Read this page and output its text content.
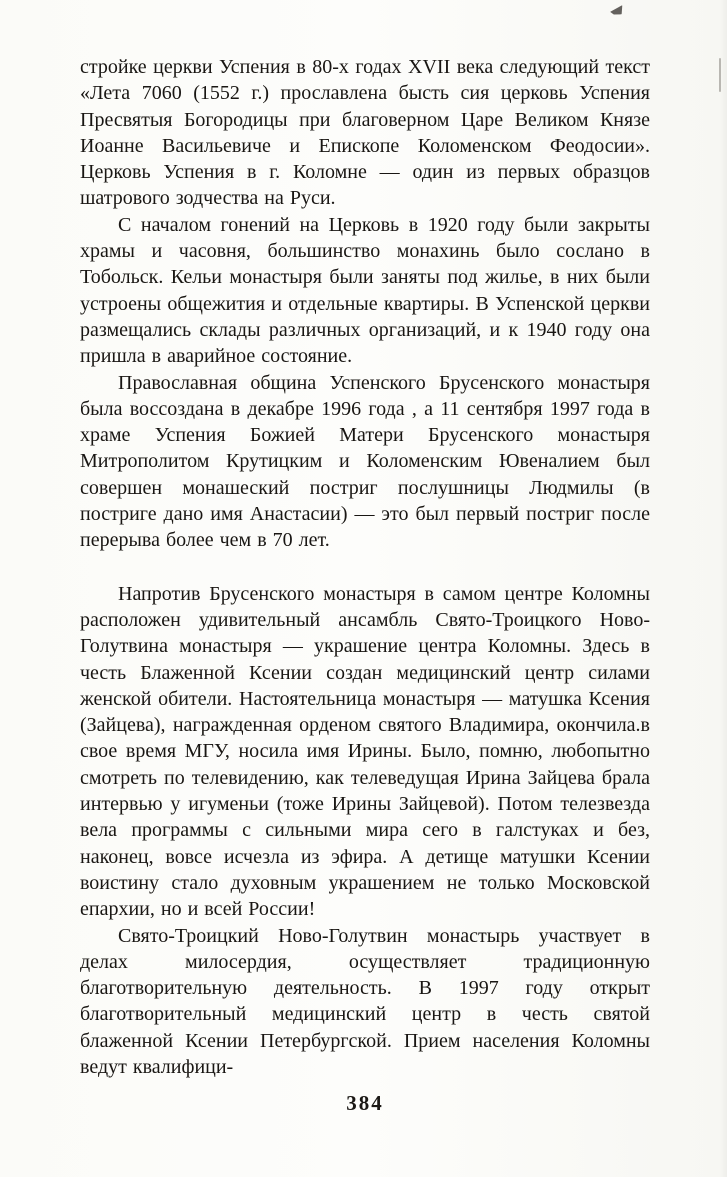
стройке церкви Успения в 80-х годах XVII века следующий текст «Лета 7060 (1552 г.) прославлена бысть сия церковь Успения Пресвятыя Богородицы при благоверном Царе Великом Князе Иоанне Васильевиче и Епископе Коломенском Феодосии». Церковь Успения в г. Коломне — один из первых образцов шатрового зодчества на Руси.

С началом гонений на Церковь в 1920 году были закрыты храмы и часовня, большинство монахинь было сослано в Тобольск. Кельи монастыря были заняты под жилье, в них были устроены общежития и отдельные квартиры. В Успенской церкви размещались склады различных организаций, и к 1940 году она пришла в аварийное состояние.

Православная община Успенского Брусенского монастыря была воссоздана в декабре 1996 года , а 11 сентября 1997 года в храме Успения Божией Матери Брусенского монастыря Митрополитом Крутицким и Коломенским Ювеналием был совершен монашеский постриг послушницы Людмилы (в постриге дано имя Анастасии) — это был первый постриг после перерыва более чем в 70 лет.

Напротив Брусенского монастыря в самом центре Коломны расположен удивительный ансамбль Свято-Троицкого Ново-Голутвина монастыря — украшение центра Коломны. Здесь в честь Блаженной Ксении создан медицинский центр силами женской обители. Настоятельница монастыря — матушка Ксения (Зайцева), награжденная орденом святого Владимира, окончила.в свое время МГУ, носила имя Ирины. Было, помню, любопытно смотреть по телевидению, как телеведущая Ирина Зайцева брала интервью у игуменьи (тоже Ирины Зайцевой). Потом телезвезда вела программы с сильными мира сего в галстуках и без, наконец, вовсе исчезла из эфира. А детище матушки Ксении воистину стало духовным украшением не только Московской епархии, но и всей России!

Свято-Троицкий Ново-Голутвин монастырь участвует в делах милосердия, осуществляет традиционную благотворительную деятельность. В 1997 году открыт благотворительный медицинский центр в честь святой блаженной Ксении Петербургской. Прием населения Коломны ведут квалифици-

384
